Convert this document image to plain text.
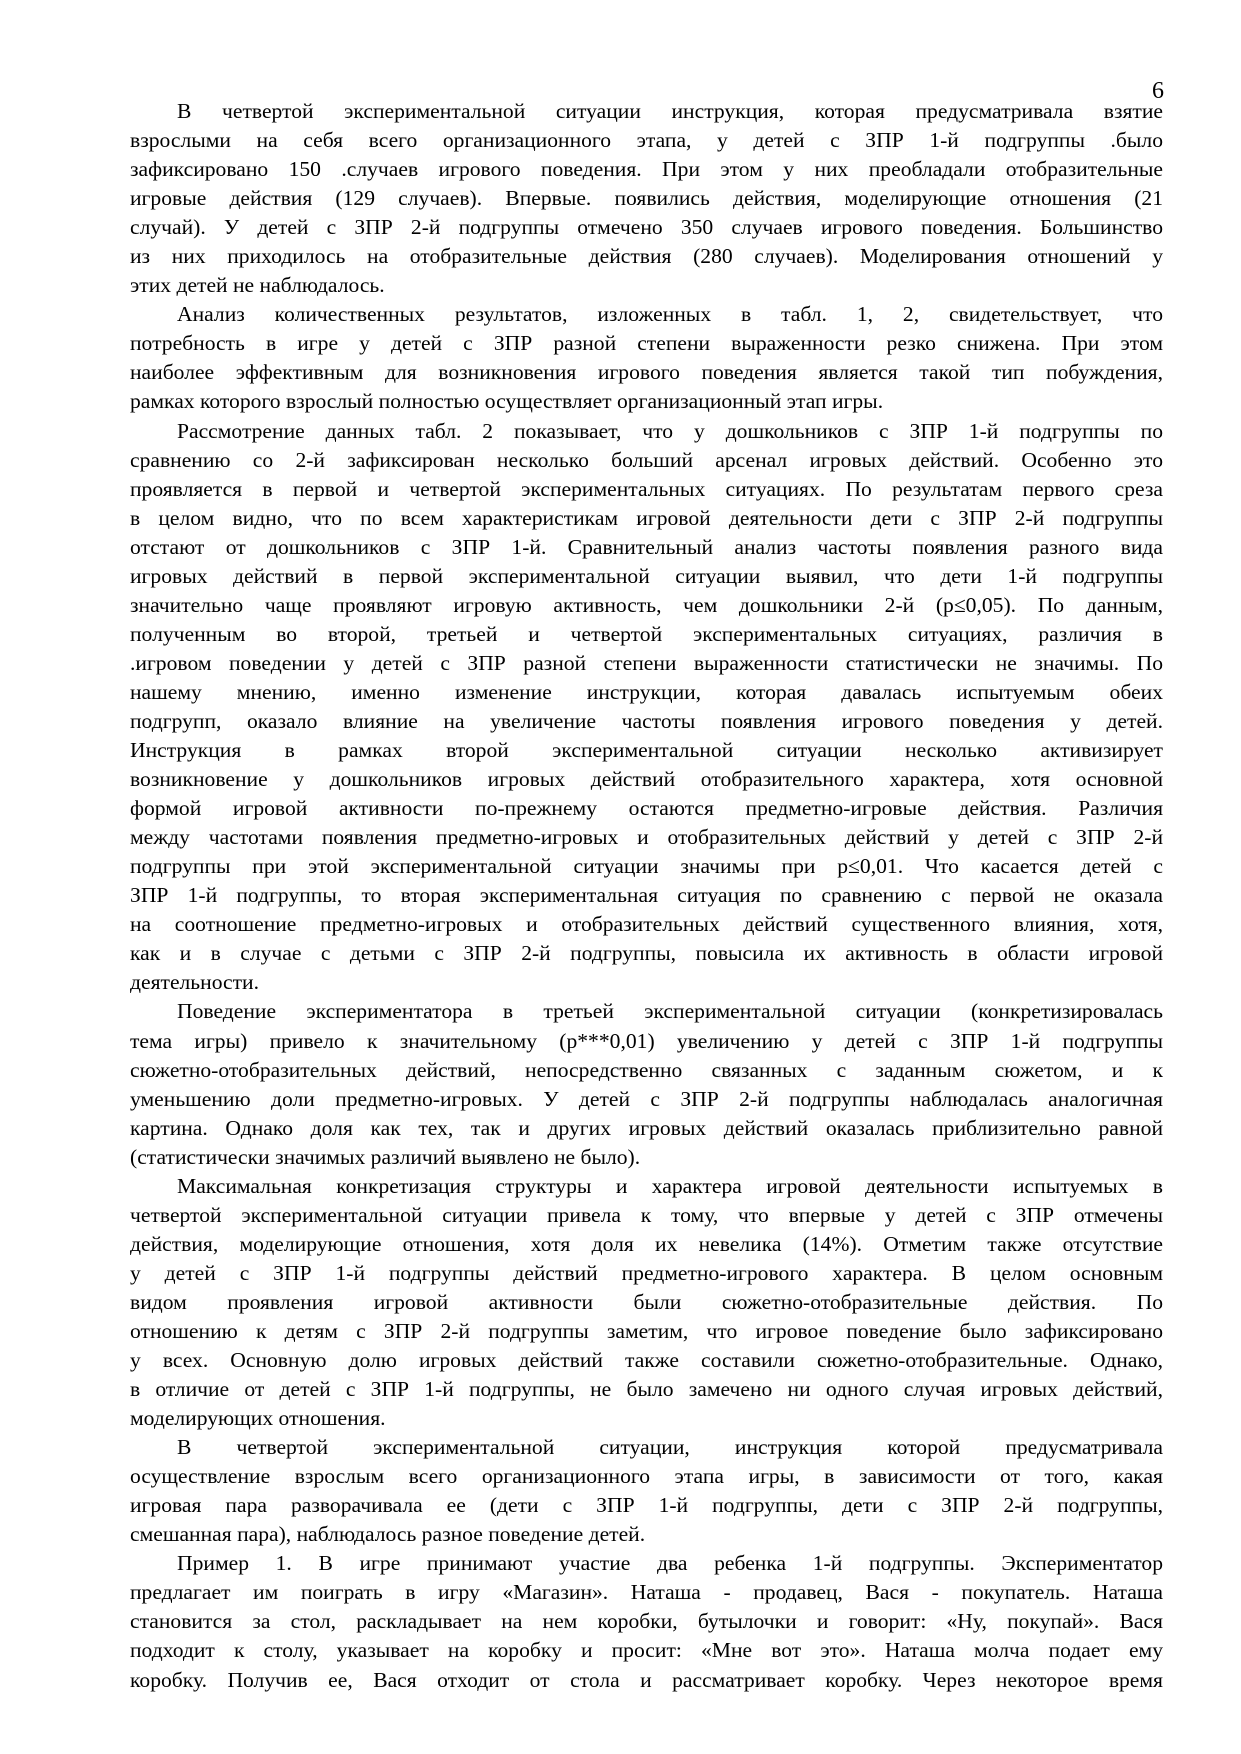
6
В четвертой экспериментальной ситуации инструкция, которая предусматривала взятие
взрослыми на себя всего организационного этапа, у детей с ЗПР 1-й подгруппы .было
зафиксировано 150 .случаев игрового поведения. При этом у них преобладали отобразительные
игровые действия (129 случаев). Впервые. появились действия, моделирующие отношения (21
случай). У детей с ЗПР 2-й подгруппы отмечено 350 случаев игрового поведения. Большинство
из них приходилось на отобразительные действия (280 случаев). Моделирования отношений у
этих детей не наблюдалось.
Анализ количественных результатов, изложенных в табл. 1, 2, свидетельствует, что
потребность в игре у детей с ЗПР разной степени выраженности резко снижена. При этом
наиболее эффективным для возникновения игрового поведения является такой тип побуждения,
рамках которого взрослый полностью осуществляет организационный этап игры.
Рассмотрение данных табл. 2 показывает, что у дошкольников с ЗПР 1-й подгруппы по
сравнению со 2-й зафиксирован несколько больший арсенал игровых действий. Особенно это
проявляется в первой и четвертой экспериментальных ситуациях. По результатам первого среза
в целом видно, что по всем характеристикам игровой деятельности дети с ЗПР 2-й подгруппы
отстают от дошкольников с ЗПР 1-й. Сравнительный анализ частоты появления разного вида
игровых действий в первой экспериментальной ситуации выявил, что дети 1-й подгруппы
значительно чаще проявляют игровую активность, чем дошкольники 2-й (p≤0,05). По данным,
полученным во второй, третьей и четвертой экспериментальных ситуациях, различия в
.игровом поведении у детей с ЗПР разной степени выраженности статистически не значимы. По
нашему мнению, именно изменение инструкции, которая давалась испытуемым обеих
подгрупп, оказало влияние на увеличение частоты появления игрового поведения у детей.
Инструкция в рамках второй экспериментальной ситуации несколько активизирует
возникновение у дошкольников игровых действий отобразительного характера, хотя основной
формой игровой активности по-прежнему остаются предметно-игровые действия. Различия
между частотами появления предметно-игровых и отобразительных действий у детей с ЗПР 2-й
подгруппы при этой экспериментальной ситуации значимы при p≤0,01. Что касается детей с
ЗПР 1-й подгруппы, то вторая экспериментальная ситуация по сравнению с первой не оказала
на соотношение предметно-игровых и отобразительных действий существенного влияния, хотя,
как и в случае с детьми с ЗПР 2-й подгруппы, повысила их активность в области игровой
деятельности.
Поведение экспериментатора в третьей экспериментальной ситуации (конкретизировалась
тема игры) привело к значительному (p***0,01) увеличению у детей с ЗПР 1-й подгруппы
сюжетно-отобразительных действий, непосредственно связанных с заданным сюжетом, и к
уменьшению доли предметно-игровых. У детей с ЗПР 2-й подгруппы наблюдалась аналогичная
картина. Однако доля как тех, так и других игровых действий оказалась приблизительно равной
(статистически значимых различий выявлено не было).
Максимальная конкретизация структуры и характера игровой деятельности испытуемых в
четвертой экспериментальной ситуации привела к тому, что впервые у детей с ЗПР отмечены
действия, моделирующие отношения, хотя доля их невелика (14%). Отметим также отсутствие
у детей с ЗПР 1-й подгруппы действий предметно-игрового характера. В целом основным
видом проявления игровой активности были сюжетно-отобразительные действия. По
отношению к детям с ЗПР 2-й подгруппы заметим, что игровое поведение было зафиксировано
у всех. Основную долю игровых действий также составили сюжетно-отобразительные. Однако,
в отличие от детей с ЗПР 1-й подгруппы, не было замечено ни одного случая игровых действий,
моделирующих отношения.
В четвертой экспериментальной ситуации, инструкция которой предусматривала
осуществление взрослым всего организационного этапа игры, в зависимости от того, какая
игровая пара разворачивала ее (дети с ЗПР 1-й подгруппы, дети с ЗПР 2-й подгруппы,
смешанная пара), наблюдалось разное поведение детей.
Пример 1. В игре принимают участие два ребенка 1-й подгруппы. Экспериментатор
предлагает им поиграть в игру «Магазин». Наташа - продавец, Вася - покупатель. Наташа
становится за стол, раскладывает на нем коробки, бутылочки и говорит: «Ну, покупай». Вася
подходит к столу, указывает на коробку и просит: «Мне вот это». Наташа молча подает ему
коробку. Получив ее, Вася отходит от стола и рассматривает коробку. Через некоторое время
